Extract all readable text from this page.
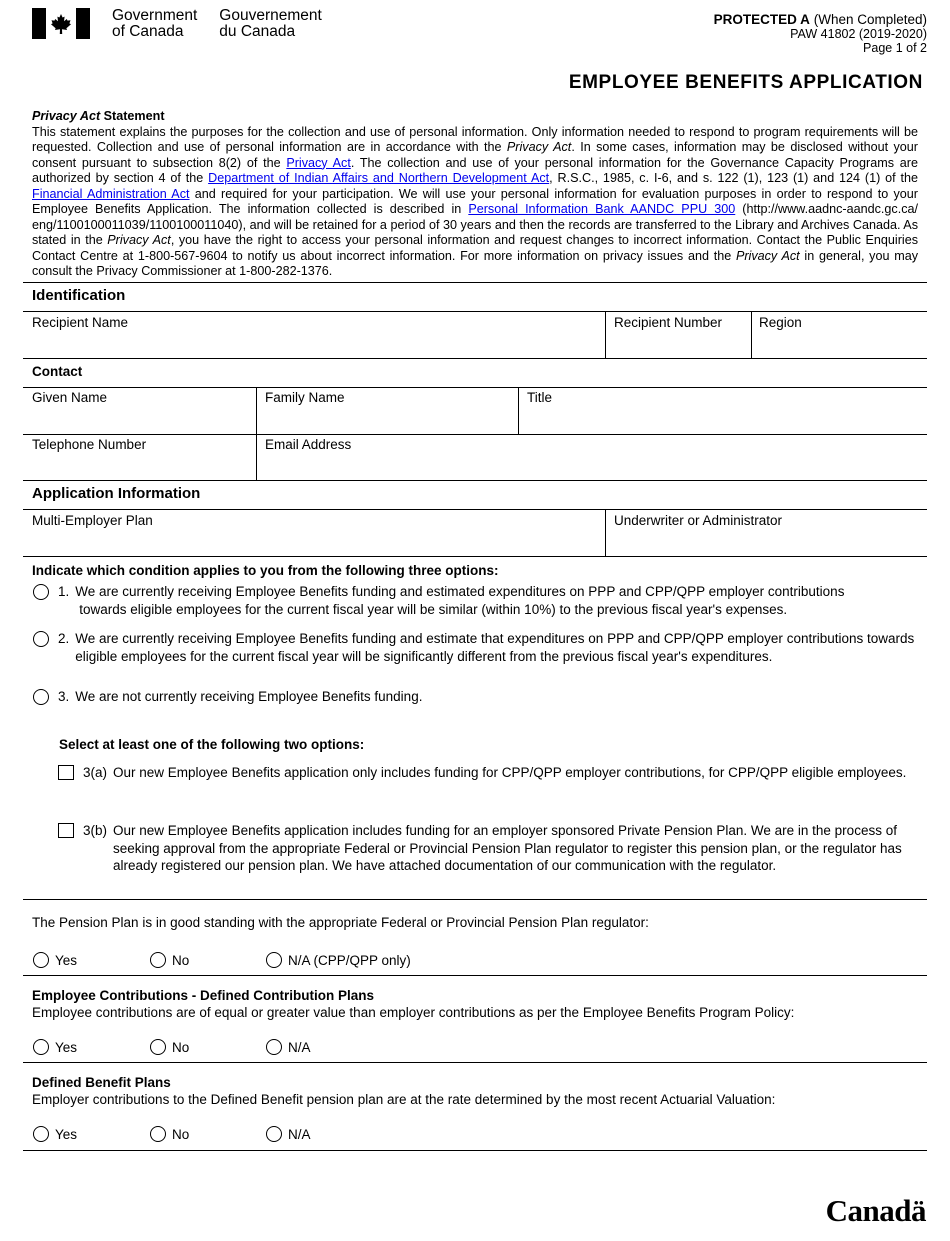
Government
of Canada
Gouvernement
du Canada
PROTECTED A (When Completed)
PAW 41802 (2019-2020)
Page 1 of 2
EMPLOYEE BENEFITS APPLICATION
Privacy Act Statement
This statement explains the purposes for the collection and use of personal information. Only information needed to respond to program requirements will be requested. Collection and use of personal information are in accordance with the Privacy Act. In some cases, information may be disclosed without your consent pursuant to subsection 8(2) of the Privacy Act. The collection and use of your personal information for the Governance Capacity Programs are authorized by section 4 of the Department of Indian Affairs and Northern Development Act, R.S.C., 1985, c. I-6, and s. 122 (1), 123 (1) and 124 (1) of the Financial Administration Act and required for your participation. We will use your personal information for evaluation purposes in order to respond to your Employee Benefits Application. The information collected is described in Personal Information Bank AANDC PPU 300 (http://www.aadnc-aandc.gc.ca/ eng/1100100011039/1100100011040), and will be retained for a period of 30 years and then the records are transferred to the Library and Archives Canada. As stated in the Privacy Act, you have the right to access your personal information and request changes to incorrect information. Contact the Public Enquiries Contact Centre at 1-800-567-9604 to notify us about incorrect information. For more information on privacy issues and the Privacy Act in general, you may consult the Privacy Commissioner at 1-800-282-1376.
Identification
Recipient Name	Recipient Number	Region
Contact
Given Name	Family Name	Title
Telephone Number	Email Address
Application Information
Multi-Employer Plan	Underwriter or Administrator
Indicate which condition applies to you from the following three options:
1. We are currently receiving Employee Benefits funding and estimated expenditures on PPP and CPP/QPP employer contributions
towards eligible employees for the current fiscal year will be similar (within 10%) to the previous fiscal year's expenses.
2. We are currently receiving Employee Benefits funding and estimate that expenditures on PPP and CPP/QPP employer contributions towards eligible employees for the current fiscal year will be significantly different from the previous fiscal year's expenditures.
3. We are not currently receiving Employee Benefits funding.
Select at least one of the following two options:
3(a) Our new Employee Benefits application only includes funding for CPP/QPP employer contributions, for CPP/QPP eligible employees.
3(b) Our new Employee Benefits application includes funding for an employer sponsored Private Pension Plan. We are in the process of seeking approval from the appropriate Federal or Provincial Pension Plan regulator to register this pension plan, or the regulator has already registered our pension plan. We have attached documentation of our communication with the regulator.
The Pension Plan is in good standing with the appropriate Federal or Provincial Pension Plan regulator:
Yes	No	N/A (CPP/QPP only)
Employee Contributions - Defined Contribution Plans
Employee contributions are of equal or greater value than employer contributions as per the Employee Benefits Program Policy:
Yes	No	N/A
Defined Benefit Plans
Employer contributions to the Defined Benefit pension plan are at the rate determined by the most recent Actuarial Valuation:
Yes	No	N/A
Canadä
